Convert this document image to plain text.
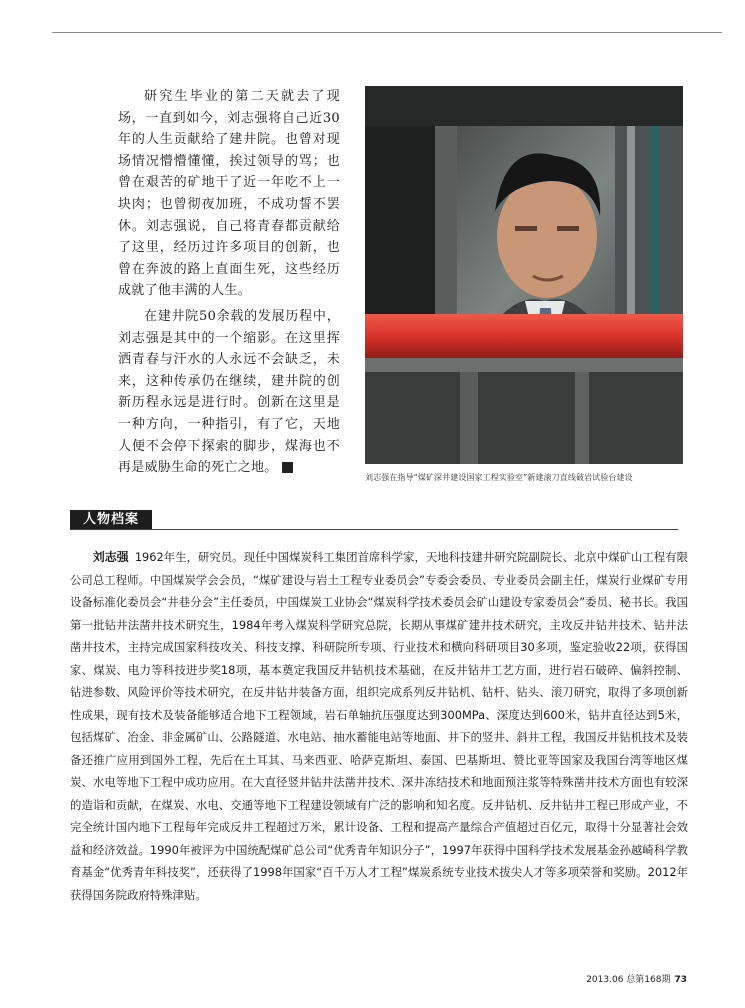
研究生毕业的第二天就去了现场，一直到如今，刘志强将自己近30年的人生贡献给了建井院。也曾对现场情况懵懵懂懂，挨过领导的骂；也曾在艰苦的矿地干了近一年吃不上一块肉；也曾彻夜加班，不成功誓不罢休。刘志强说，自己将青春都贡献给了这里，经历过许多项目的创新，也曾在奔波的路上直面生死，这些经历成就了他丰满的人生。

在建井院50余载的发展历程中，刘志强是其中的一个缩影。在这里挥洒青春与汗水的人永远不会缺乏，未来，这种传承仍在继续，建井院的创新历程永远是进行时。创新在这里是一种方向，一种指引，有了它，天地人便不会停下探索的脚步，煤海也不再是威胁生命的死亡之地。	W

刘志强在指导“煤矿深井建设国家工程实验室”新建滚刀直线破岩试验台建设
人物档案
刘志强 1962年生，研究员。现任中国煤炭科工集团首席科学家，天地科技建井研究院副院长、北京中煤矿山工程有限公司总工程师。中国煤炭学会会员，“煤矿建设与岩土工程专业委员会”专委会委员、专业委员会副主任，煤炭行业煤矿专用设备标准化委员会“井巷分会”主任委员，中国煤炭工业协会“煤炭科学技术委员会矿山建设专家委员会”委员、秘书长。我国第一批钻井法凿井技术研究生，1984年考入煤炭科学研究总院，长期从事煤矿建井技术研究，主攻反井钻井技术、钻井法凿井技术，主持完成国家科技攻关、科技支撑、科研院所专项、行业技术和横向科研项目30多项，鉴定验收22项，获得国家、煤炭、电力等科技进步奖18项，基本奠定我国反井钻机技术基础，在反井钻井工艺方面，进行岩石破碎、偏斜控制、钻进参数、风险评价等技术研究，在反井钻井装备方面，组织完成系列反井钻机、钻杆、钻头、滚刀研究，取得了多项创新性成果，现有技术及装备能够适合地下工程领域，岩石单轴抗压强度达到300MPa、深度达到600米，钻井直径达到5米，包括煤矿、冶金、非金属矿山、公路隧道、水电站、抽水蓄能电站等地面、井下的竖井、斜井工程，我国反井钻机技术及装备还推广应用到国外工程，先后在土耳其、马来西亚、哈萨克斯坦、泰国、巴基斯坦、赞比亚等国家及我国台湾等地区煤炭、水电等地下工程中成功应用。在大直径竖井钻井法凿井技术、深井冻结技术和地面预注浆等特殊凿井技术方面也有较深的造诣和贡献，在煤炭、水电、交通等地下工程建设领域有广泛的影响和知名度。反井钻机、反井钻井工程已形成产业，不完全统计国内地下工程每年完成反井工程超过万米，累计设备、工程和提高产量综合产值超过百亿元，取得十分显著社会效益和经济效益。1990年被评为中国统配煤矿总公司“优秀青年知识分子”，1997年获得中国科学技术发展基金孙越崎科学教育基金“优秀青年科技奖”，还获得了1998年国家“百千万人才工程”煤炭系统专业技术拔尖人才等多项荣誉和奖励。2012年获得国务院政府特殊津贴。
2013.06 总第168期 73
